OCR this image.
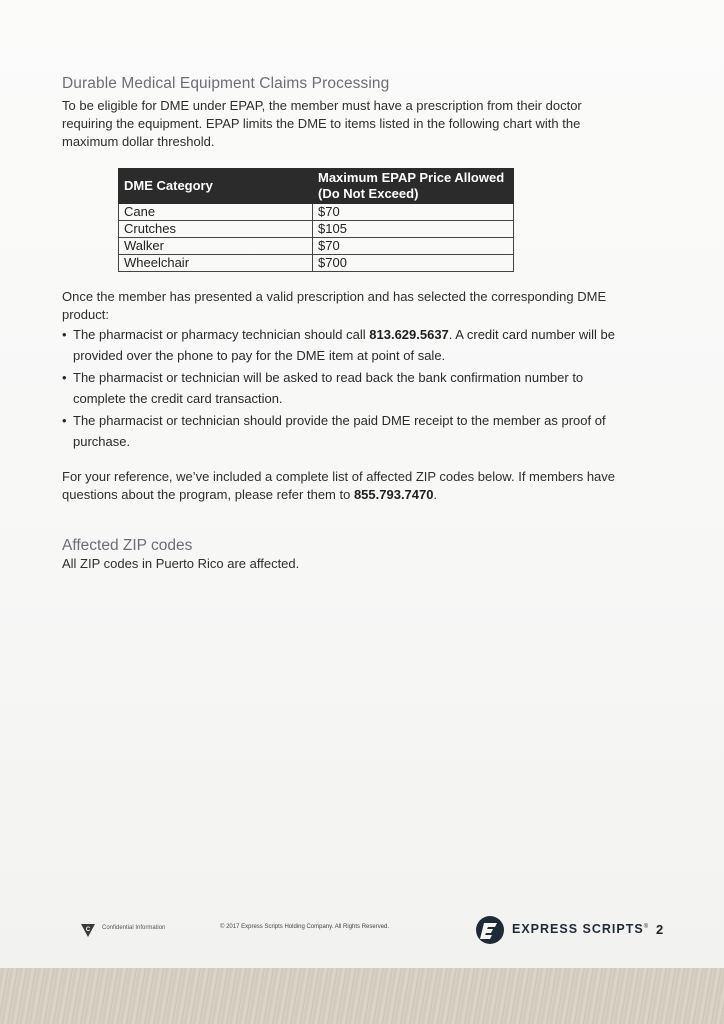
Durable Medical Equipment Claims Processing
To be eligible for DME under EPAP, the member must have a prescription from their doctor
requiring the equipment. EPAP limits the DME to items listed in the following chart with the
maximum dollar threshold.
DME Category	Maximum EPAP Price Allowed
(Do Not Exceed)

Cane	$70
Crutches	$105
Walker	$70
Wheelchair	$700
Once the member has presented a valid prescription and has selected the corresponding DME
product:
• The pharmacist or pharmacy technician should call 813.629.5637. A credit card number will be
provided over the phone to pay for the DME item at point of sale.
• The pharmacist or technician will be asked to read back the bank confirmation number to
complete the credit card transaction.
• The pharmacist or technician should provide the paid DME receipt to the member as proof of
purchase.
For your reference, we’ve included a complete list of affected ZIP codes below. If members have
questions about the program, please refer them to 855.793.7470.
Affected ZIP codes
All ZIP codes in Puerto Rico are affected.
C Confidential Information	© 2017 Express Scripts Holding Company. All Rights Reserved.	EXPRESS SCRIPTS® 2
